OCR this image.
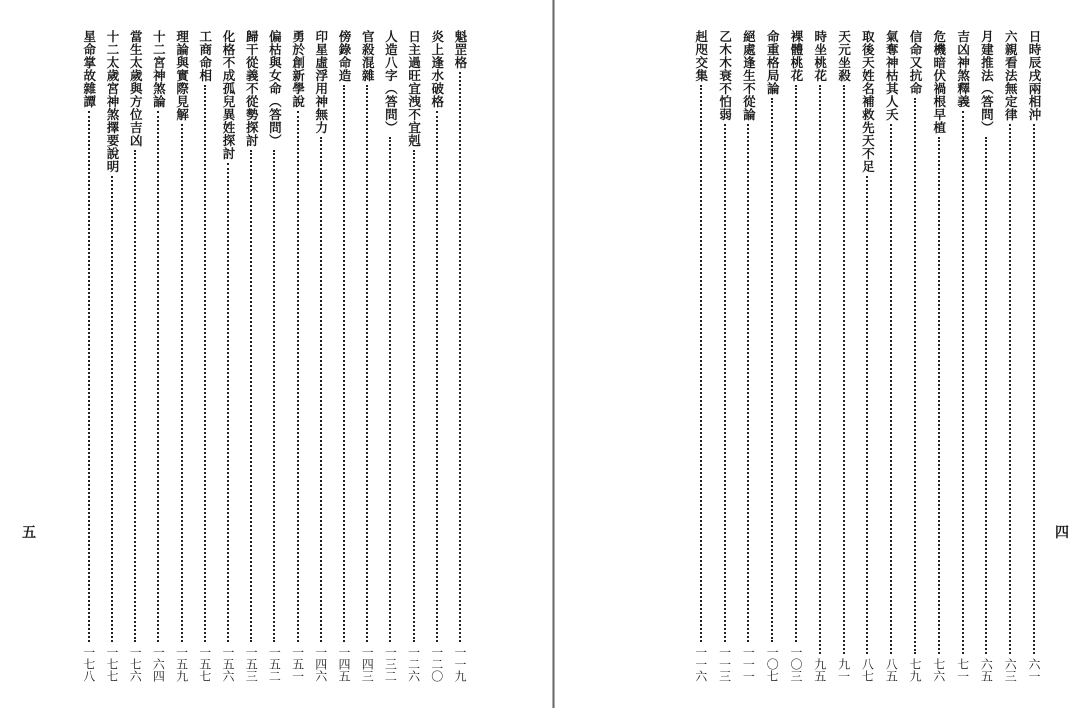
魁罡格
一一九
炎上逢水破格
一二〇
日主過旺宜洩不宜剋
一二六
人造八字（答問）
一三二
官殺混雜
一四三
傍錄命造
一四五
印星虛浮用神無力
一四六
勇於創新學說
一五一
偏枯與女命（答問）
一五二
歸干從義不從勢探討
一五三
化格不成孤兒異姓探討
一五六
工商命相
一五七
理論與實際見解
一五九
十二宮神煞論
一六四
當生太歲與方位吉凶
一七六
十二太歲宮神煞擇要說明
一七七
星命掌故雜譚
一七八
五
日時辰戌兩相沖
六一
六親看法無定律
六三
月建推法（答問）
六五
吉凶神煞釋義
七一
危機暗伏禍根早植
七六
信命又抗命
七九
氣奪神枯其人夭
八五
取後天姓名補救先天不足
八七
天元坐殺
九一
時坐桃花
九五
裸體桃花
一〇三
命重格局論
一〇七
絕處逢生不從論
一一一
乙木木衰不怕弱
一一三
赳咫交集
一一六
四
